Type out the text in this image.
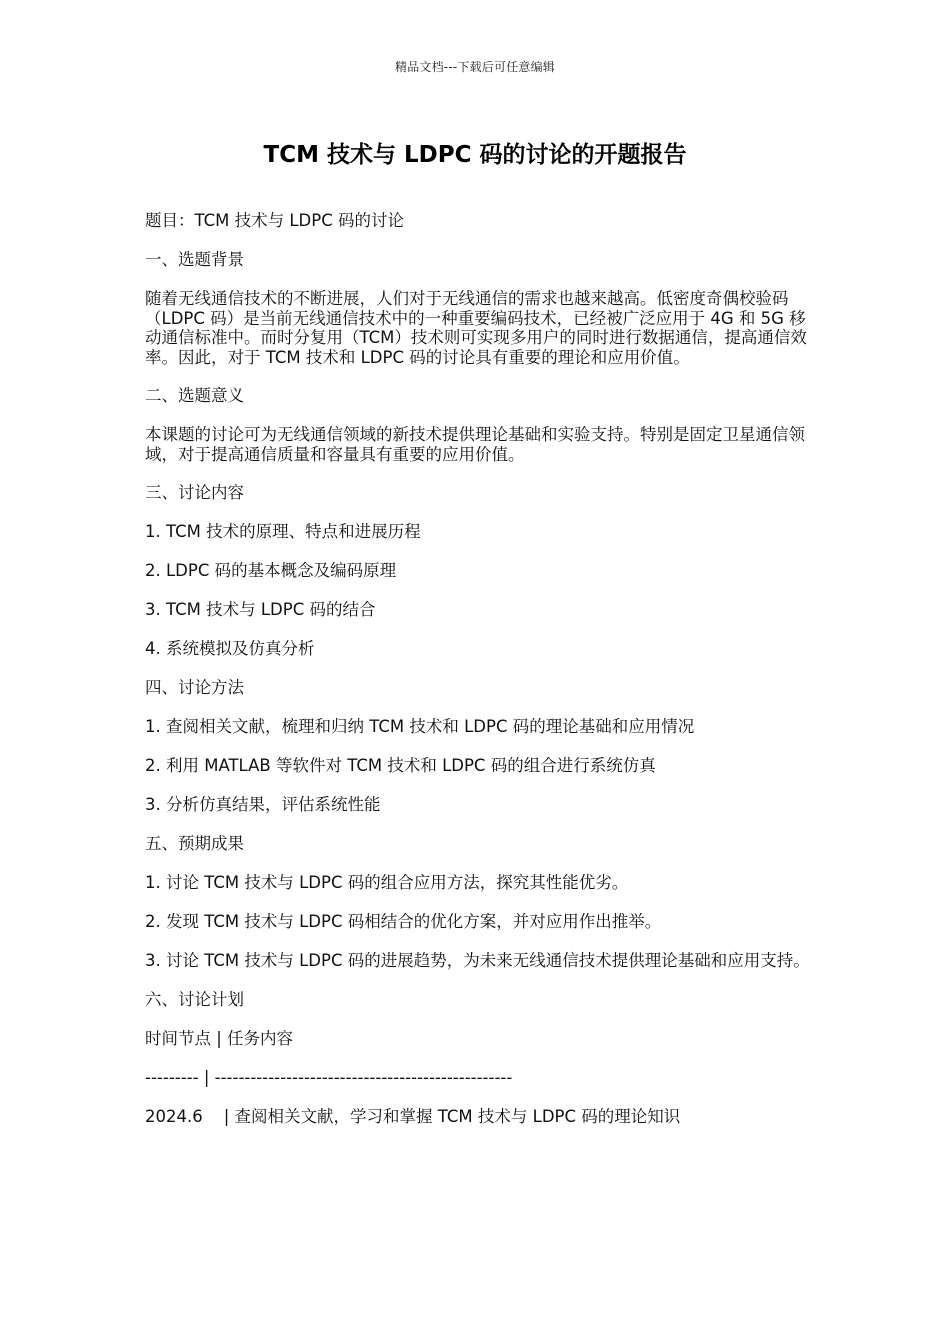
精品文档---下载后可任意编辑
TCM 技术与 LDPC 码的讨论的开题报告

题目：TCM 技术与 LDPC 码的讨论

一、选题背景

随着无线通信技术的不断进展，人们对于无线通信的需求也越来越高。低密度奇偶校验码（LDPC 码）是当前无线通信技术中的一种重要编码技术，已经被广泛应用于 4G 和 5G 移动通信标准中。而时分复用（TCM）技术则可实现多用户的同时进行数据通信，提高通信效率。因此，对于 TCM 技术和 LDPC 码的讨论具有重要的理论和应用价值。

二、选题意义

本课题的讨论可为无线通信领域的新技术提供理论基础和实验支持。特别是固定卫星通信领域，对于提高通信质量和容量具有重要的应用价值。

三、讨论内容

1. TCM 技术的原理、特点和进展历程

2. LDPC 码的基本概念及编码原理

3. TCM 技术与 LDPC 码的结合

4. 系统模拟及仿真分析

四、讨论方法

1. 查阅相关文献，梳理和归纳 TCM 技术和 LDPC 码的理论基础和应用情况

2. 利用 MATLAB 等软件对 TCM 技术和 LDPC 码的组合进行系统仿真

3. 分析仿真结果，评估系统性能

五、预期成果

1. 讨论 TCM 技术与 LDPC 码的组合应用方法，探究其性能优劣。

2. 发现 TCM 技术与 LDPC 码相结合的优化方案，并对应用作出推举。

3. 讨论 TCM 技术与 LDPC 码的进展趋势，为未来无线通信技术提供理论基础和应用支持。

六、讨论计划

时间节点 | 任务内容

--------- | --------------------------------------------------

2024.6    | 查阅相关文献，学习和掌握 TCM 技术与 LDPC 码的理论知识
